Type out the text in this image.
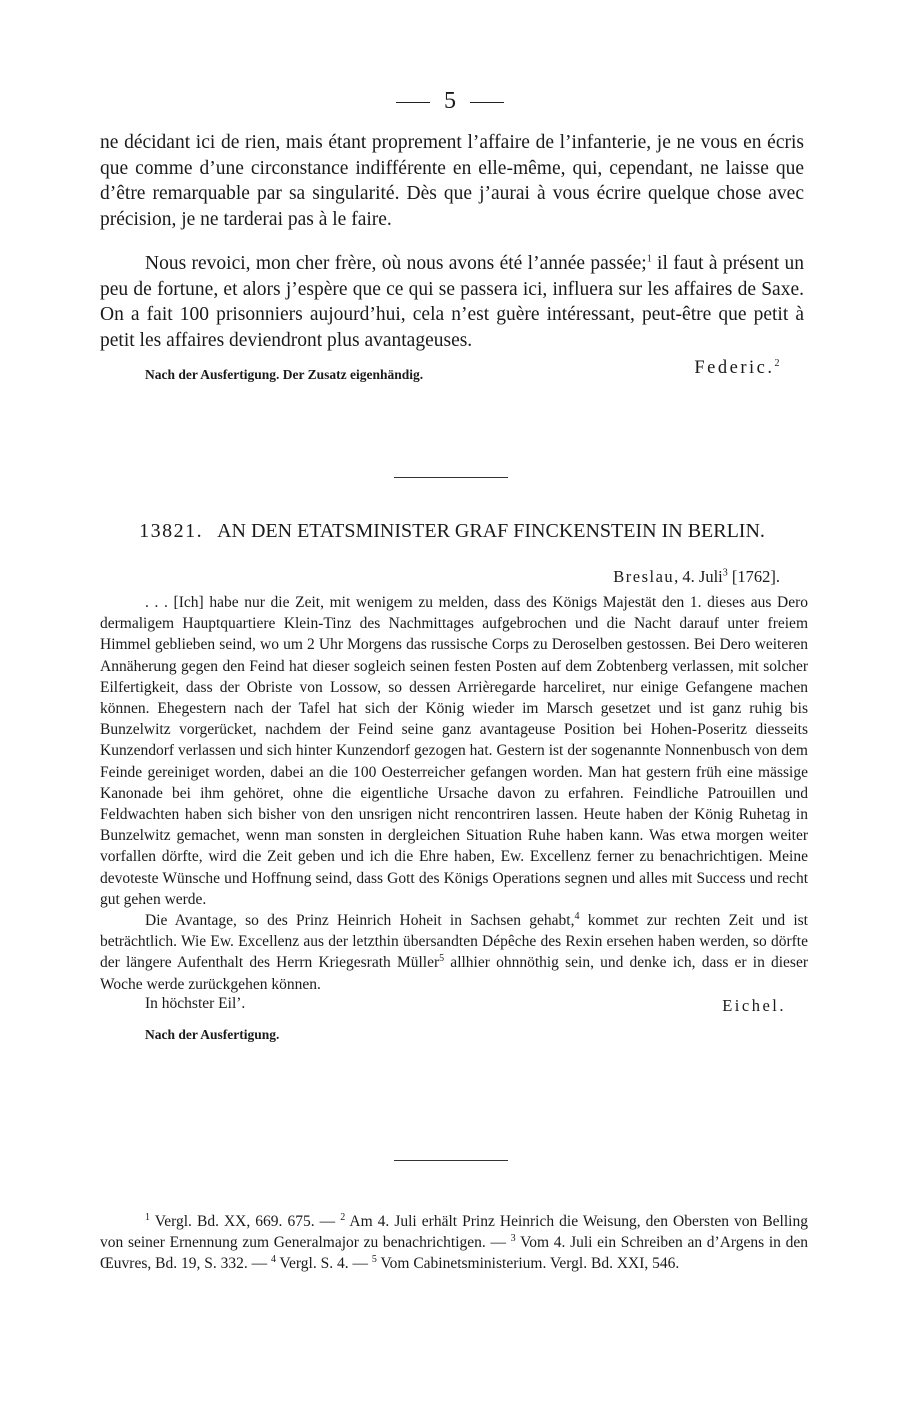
5

ne décidant ici de rien, mais étant proprement l’affaire de l’infanterie, je ne vous en écris que comme d’une circonstance indifférente en elle-même, qui, cependant, ne laisse que d’être remarquable par sa singularité. Dès que j’aurai à vous écrire quelque chose avec précision, je ne tarderai pas à le faire.

Nous revoici, mon cher frère, où nous avons été l’année passée;$^1$ il faut à présent un peu de fortune, et alors j’espère que ce qui se passera ici, influera sur les affaires de Saxe. On a fait 100 prisonniers aujourd’hui, cela n’est guère intéressant, peut-être que petit à petit les affaires deviendront plus avantageuses.

Nach der Ausfertigung. Der Zusatz eigenhändig.	Federic.$^2$
13821. AN DEN ETATSMINISTER GRAF FINCKENSTEIN IN BERLIN.

Breslau, 4. Juli$^3$ [1762].

. . . [Ich] habe nur die Zeit, mit wenigem zu melden, dass des Königs Majestät den 1. dieses aus Dero dermaligem Hauptquartiere Klein-Tinz des Nachmittages aufgebrochen und die Nacht darauf unter freiem Himmel geblieben seind, wo um 2 Uhr Morgens das russische Corps zu Deroselben gestossen. Bei Dero weiteren Annäherung gegen den Feind hat dieser sogleich seinen festen Posten auf dem Zobtenberg verlassen, mit solcher Eilfertigkeit, dass der Obriste von Lossow, so dessen Arrièregarde harceliret, nur einige Gefangene machen können. Ehegestern nach der Tafel hat sich der König wieder im Marsch gesetzet und ist ganz ruhig bis Bunzelwitz vorgerücket, nachdem der Feind seine ganz avantageuse Position bei Hohen-Poseritz diesseits Kunzendorf verlassen und sich hinter Kunzendorf gezogen hat. Gestern ist der sogenannte Nonnenbusch von dem Feinde gereiniget worden, dabei an die 100 Oesterreicher gefangen worden. Man hat gestern früh eine mässige Kanonade bei ihm gehöret, ohne die eigentliche Ursache davon zu erfahren. Feindliche Patrouillen und Feldwachten haben sich bisher von den unsrigen nicht rencontriren lassen. Heute haben der König Ruhetag in Bunzelwitz gemachet, wenn man sonsten in dergleichen Situation Ruhe haben kann. Was etwa morgen weiter vorfallen dörfte, wird die Zeit geben und ich die Ehre haben, Ew. Excellenz ferner zu benachrichtigen. Meine devoteste Wünsche und Hoffnung seind, dass Gott des Königs Operations segnen und alles mit Success und recht gut gehen werde.

Die Avantage, so des Prinz Heinrich Hoheit in Sachsen gehabt,$^4$ kommet zur rechten Zeit und ist beträchtlich. Wie Ew. Excellenz aus der letzthin übersandten Dépêche des Rexin ersehen haben werden, so dörfte der längere Aufenthalt des Herrn Kriegesrath Müller$^5$ allhier ohnnöthig sein, und denke ich, dass er in dieser Woche werde zurückgehen können.

In höchster Eil’.	Eichel.
Nach der Ausfertigung.

$^1$ Vergl. Bd. XX, 669. 675. — $^2$ Am 4. Juli erhält Prinz Heinrich die Weisung, den Obersten von Belling von seiner Ernennung zum Generalmajor zu benachrichtigen. — $^3$ Vom 4. Juli ein Schreiben an d’Argens in den Œuvres, Bd. 19, S. 332. — $^4$ Vergl. S. 4. — $^5$ Vom Cabinetsministerium. Vergl. Bd. XXI, 546.
